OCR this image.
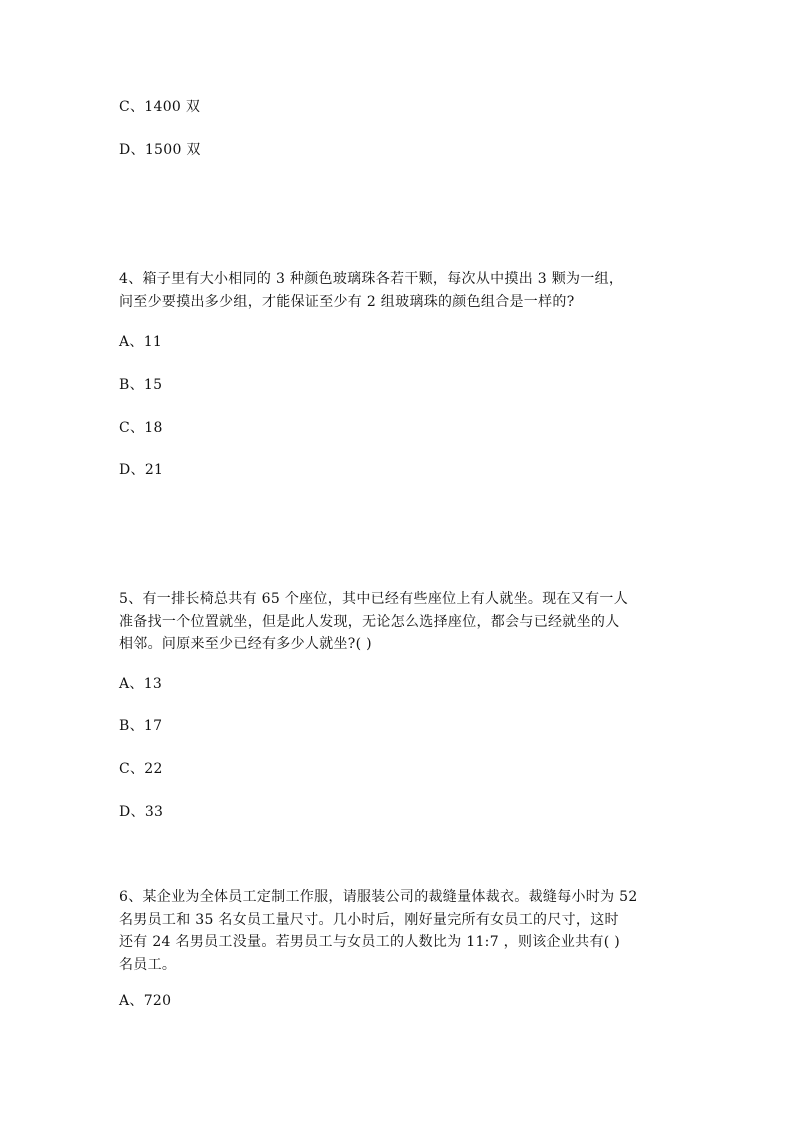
C、1400 双
D、1500 双
4、箱子里有大小相同的 3 种颜色玻璃珠各若干颗，每次从中摸出 3 颗为一组，
问至少要摸出多少组，才能保证至少有 2 组玻璃珠的颜色组合是一样的?
A、11
B、15
C、18
D、21
5、有一排长椅总共有 65 个座位，其中已经有些座位上有人就坐。现在又有一人
准备找一个位置就坐，但是此人发现，无论怎么选择座位，都会与已经就坐的人
相邻。问原来至少已经有多少人就坐?( )
A、13
B、17
C、22
D、33
6、某企业为全体员工定制工作服，请服装公司的裁缝量体裁衣。裁缝每小时为 52
名男员工和 35 名女员工量尺寸。几小时后，刚好量完所有女员工的尺寸，这时
还有 24 名男员工没量。若男员工与女员工的人数比为 11:7 ，则该企业共有( )
名员工。
A、720
